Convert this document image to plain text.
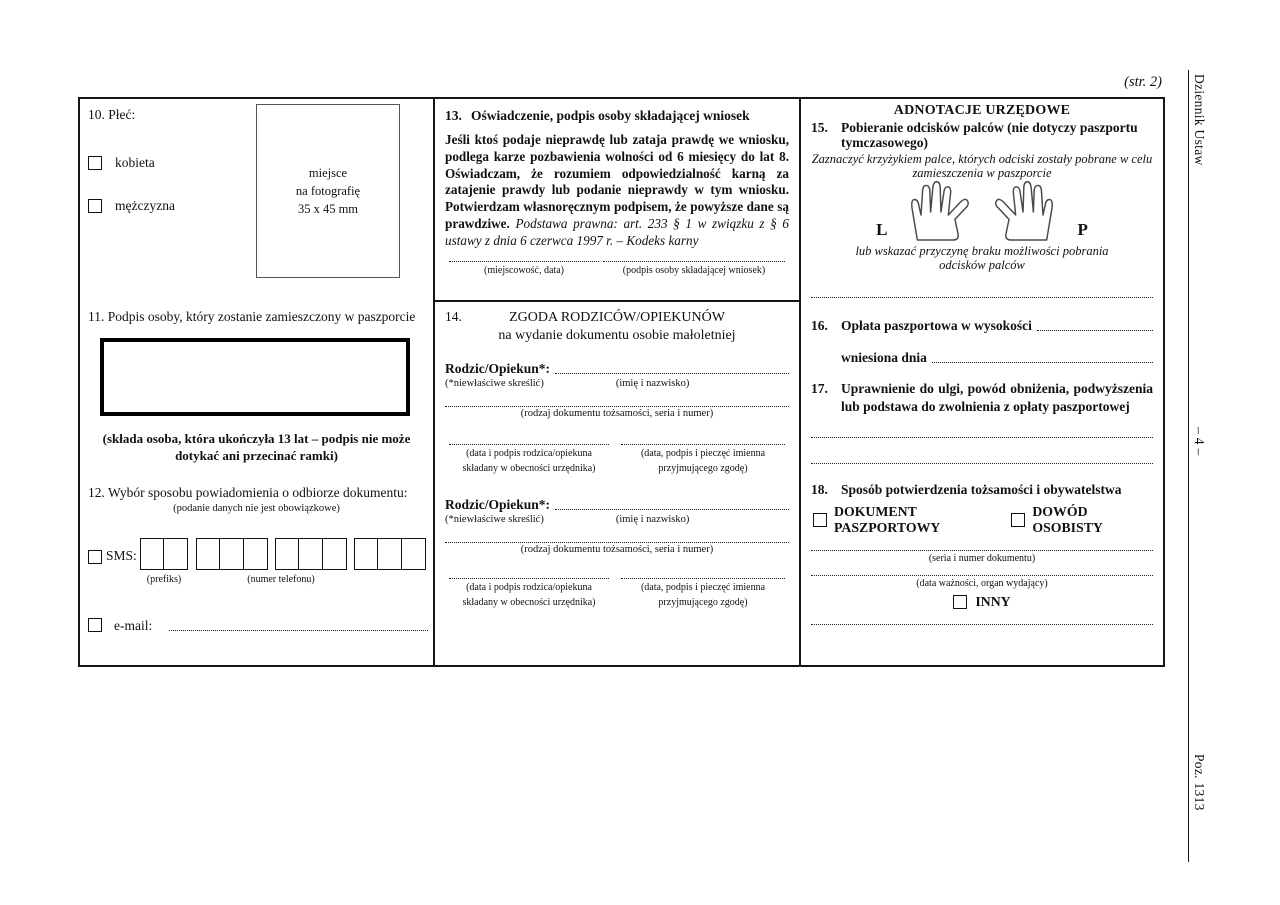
(str. 2) Dziennik Ustaw
– 4 –
Poz. 1313
10. Płeć:
kobieta
mężczyzna
miejsce
na fotografię
35 x 45 mm
11. Podpis osoby, który zostanie zamieszczony w paszporcie
(składa osoba, która ukończyła 13 lat – podpis nie może dotykać ani przecinać ramki)
12. Wybór sposobu powiadomienia o odbiorze dokumentu:
(podanie danych nie jest obowiązkowe)
SMS:
(prefiks)	(numer telefonu)
e-mail:
13. Oświadczenie, podpis osoby składającej wniosek
Jeśli ktoś podaje nieprawdę lub zataja prawdę we wniosku, podlega karze pozbawienia wolności od 6 miesięcy do lat 8. Oświadczam, że rozumiem odpowiedzialność karną za zatajenie prawdy lub podanie nieprawdy w tym wniosku. Potwierdzam własnoręcznym podpisem, że powyższe dane są prawdziwe. Podstawa prawna: art. 233 § 1 w związku z § 6 ustawy z dnia 6 czerwca 1997 r. – Kodeks karny
(miejscowość, data)	(podpis osoby składającej wniosek)
14.	ZGODA RODZICÓW/OPIEKUNÓW
na wydanie dokumentu osobie małoletniej
Rodzic/Opiekun*:
(*niewłaściwe skreślić)	(imię i nazwisko)
(rodzaj dokumentu tożsamości, seria i numer)
(data i podpis rodzica/opiekuna
składany w obecności urzędnika)
(data, podpis i pieczęć imienna
przyjmującego zgodę)
Rodzic/Opiekun*:
(*niewłaściwe skreślić)	(imię i nazwisko)
(rodzaj dokumentu tożsamości, seria i numer)
(data i podpis rodzica/opiekuna
składany w obecności urzędnika)
(data, podpis i pieczęć imienna
przyjmującego zgodę)
ADNOTACJE URZĘDOWE
15. Pobieranie odcisków palców (nie dotyczy paszportu tymczasowego)
Zaznaczyć krzyżykiem palce, których odciski zostały pobrane w celu zamieszczenia w paszporcie
L	P
lub wskazać przyczynę braku możliwości pobrania odcisków palców
16. Opłata paszportowa w wysokości
wniesiona dnia
17. Uprawnienie do ulgi, powód obniżenia, podwyższenia lub podstawa do zwolnienia z opłaty paszportowej
18. Sposób potwierdzenia tożsamości i obywatelstwa
DOKUMENT PASZPORTOWY
DOWÓD OSOBISTY
(seria i numer dokumentu)
(data ważności, organ wydający)
INNY
